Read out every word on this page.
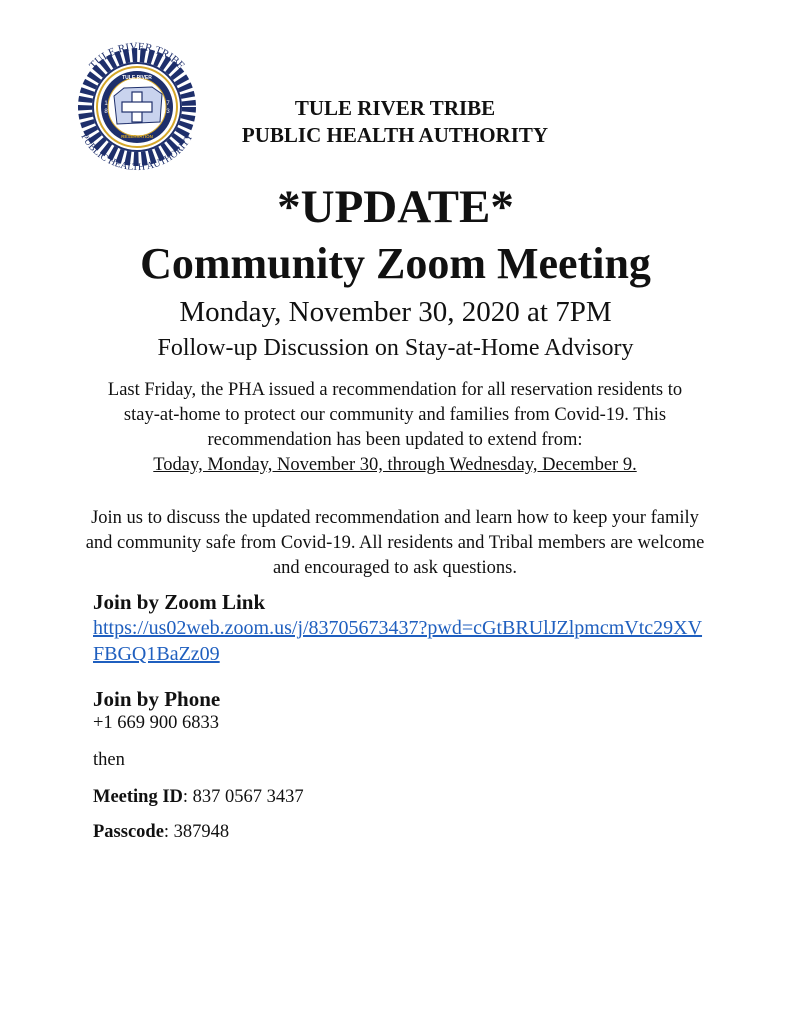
TULE RIVER TRIBE
PUBLIC HEALTH AUTHORITY
TULE RIVER
RESERVATION
1
8
7
3	TULE RIVER TRIBE
PUBLIC HEALTH AUTHORITY
*UPDATE*
Community Zoom Meeting
Monday, November 30, 2020 at 7PM
Follow-up Discussion on Stay-at-Home Advisory
Last Friday, the PHA issued a recommendation for all reservation residents to stay-at-home to protect our community and families from Covid-19. This recommendation has been updated to extend from:
Today, Monday, November 30, through Wednesday, December 9.
Join us to discuss the updated recommendation and learn how to keep your family and community safe from Covid-19. All residents and Tribal members are welcome and encouraged to ask questions.
Join by Zoom Link
https://us02web.zoom.us/j/83705673437?pwd=cGtBRUlJZlpmcmVtc29XVFBGQ1BaZz09
Join by Phone
+1 669 900 6833
then
Meeting ID: 837 0567 3437
Passcode: 387948
